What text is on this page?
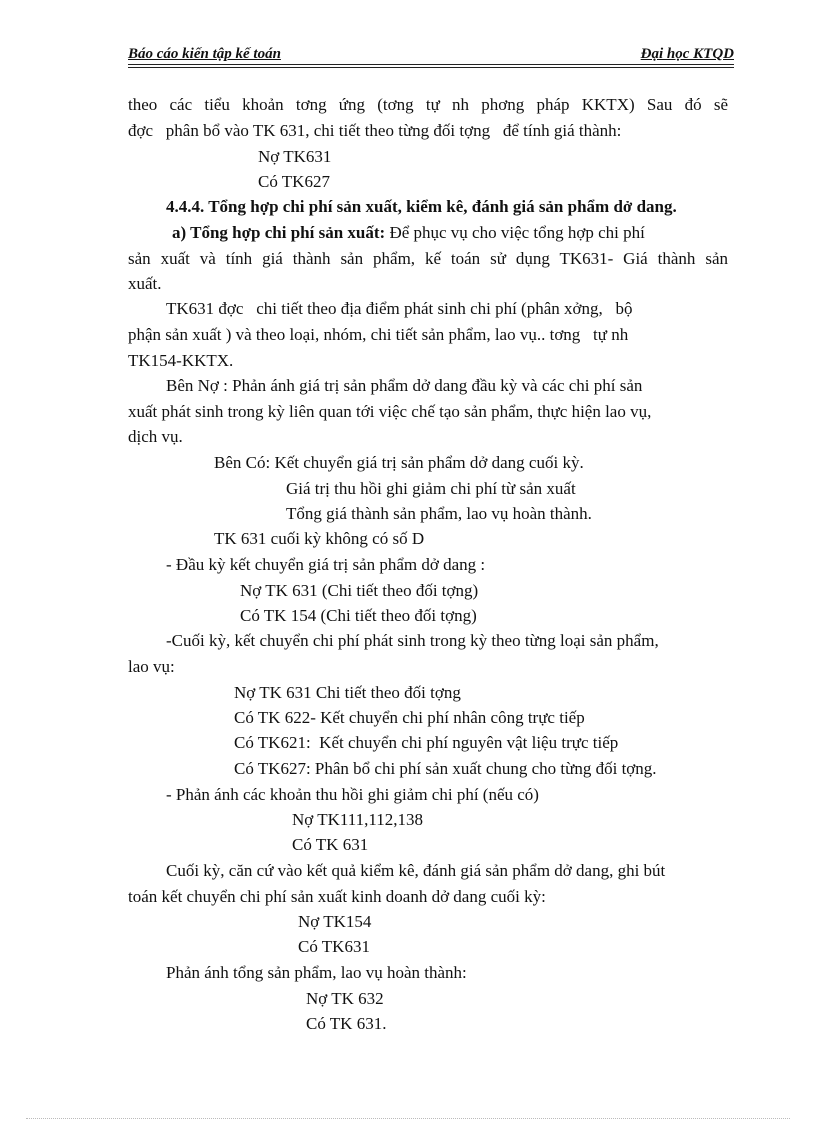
Báo cáo kiến tập kế toán	Đại học KTQD
theo các tiểu khoản tơng ứng (tơng tự nh phơng pháp KKTX) Sau đó sẽ
đợc   phân bổ vào TK 631, chi tiết theo từng đối tợng   để tính giá thành:
Nợ TK631
Có TK627
4.4.4. Tổng hợp chi phí sản xuất, kiểm kê, đánh giá sản phẩm dở dang.
a) Tổng hợp chi phí sản xuất: Để phục vụ cho việc tổng hợp chi phí
sản xuất và tính giá thành sản phẩm, kế toán sử dụng TK631- Giá thành sản
xuất.
TK631 đợc   chi tiết theo địa điểm phát sinh chi phí (phân xởng,   bộ
phận sản xuất ) và theo loại, nhóm, chi tiết sản phẩm, lao vụ.. tơng   tự nh
TK154-KKTX.
Bên Nợ : Phản ánh giá trị sản phẩm dở dang đầu kỳ và các chi phí sản
xuất phát sinh trong kỳ liên quan tới việc chế tạo sản phẩm, thực hiện lao vụ,
dịch vụ.
Bên Có: Kết chuyển giá trị sản phẩm dở dang cuối kỳ.
Giá trị thu hồi ghi giảm chi phí từ sản xuất
Tổng giá thành sản phẩm, lao vụ hoàn thành.
TK 631 cuối kỳ không có số D
- Đầu kỳ kết chuyển giá trị sản phẩm dở dang :
Nợ TK 631 (Chi tiết theo đối tợng)
Có TK 154 (Chi tiết theo đối tợng)
-Cuối kỳ, kết chuyển chi phí phát sinh trong kỳ theo từng loại sản phẩm,
lao vụ:
Nợ TK 631 Chi tiết theo đối tợng
Có TK 622- Kết chuyển chi phí nhân công trực tiếp
Có TK621:  Kết chuyển chi phí nguyên vật liệu trực tiếp
Có TK627: Phân bổ chi phí sản xuất chung cho từng đối tợng.
- Phản ánh các khoản thu hồi ghi giảm chi phí (nếu có)
Nợ TK111,112,138
Có TK 631
Cuối kỳ, căn cứ vào kết quả kiểm kê, đánh giá sản phẩm dở dang, ghi bút
toán kết chuyển chi phí sản xuất kinh doanh dở dang cuối kỳ:
Nợ TK154
Có TK631
Phản ánh tổng sản phẩm, lao vụ hoàn thành:
Nợ TK 632
Có TK 631.
